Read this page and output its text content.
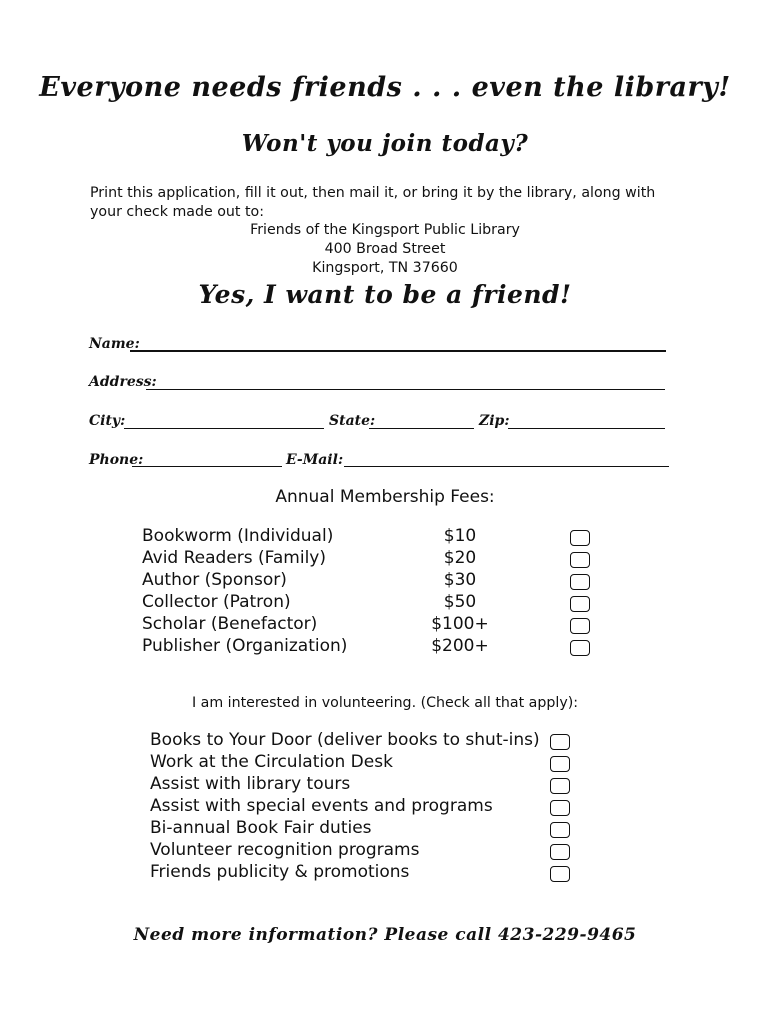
Everyone needs friends . . . even the library!
Won't you join today?
Print this application, fill it out, then mail it, or bring it by the library, along with your check made out to:
Friends of the Kingsport Public Library
400 Broad Street
Kingsport, TN 37660
Yes, I want to be a friend!
Name:
Address:
City:	State:	Zip:
Phone:	E-Mail:
Annual Membership Fees:
Bookworm (Individual)	$10
Avid Readers (Family)	$20
Author (Sponsor)	$30
Collector (Patron)	$50
Scholar (Benefactor)	$100+
Publisher (Organization)	$200+
I am interested in volunteering. (Check all that apply):
Books to Your Door (deliver books to shut-ins)
Work at the Circulation Desk
Assist with library tours
Assist with special events and programs
Bi-annual Book Fair duties
Volunteer recognition programs
Friends publicity & promotions
Need more information? Please call 423-229-9465
